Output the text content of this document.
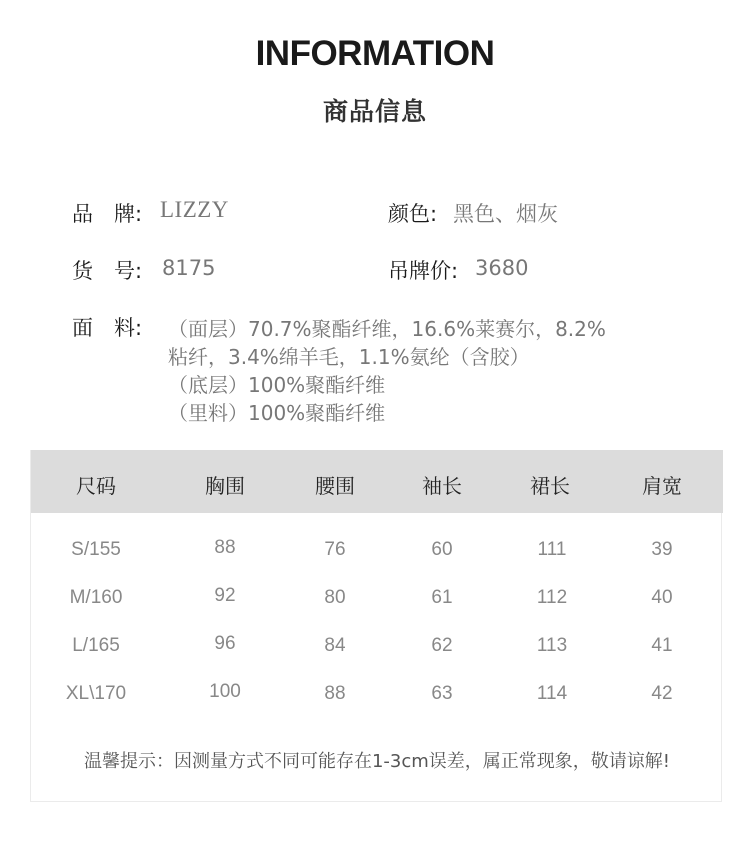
INFORMATION
商品信息
品　牌: LIZZY	颜色: 黑色、烟灰
货　号: 8175	吊牌价: 3680
面　料: （面层）70.7%聚酯纤维，16.6%莱赛尔，8.2%
粘纤，3.4%绵羊毛，1.1%氨纶（含胶）
（底层）100%聚酯纤维
（里料）100%聚酯纤维
尺码	胸围	腰围	袖长	裙长	肩宽
S/155	88	76	60	111	39
M/160	92	80	61	112	40
L/165	96	84	62	113	41
XL\170	100	88	63	114	42
温馨提示：因测量方式不同可能存在1-3cm误差，属正常现象，敬请谅解!
